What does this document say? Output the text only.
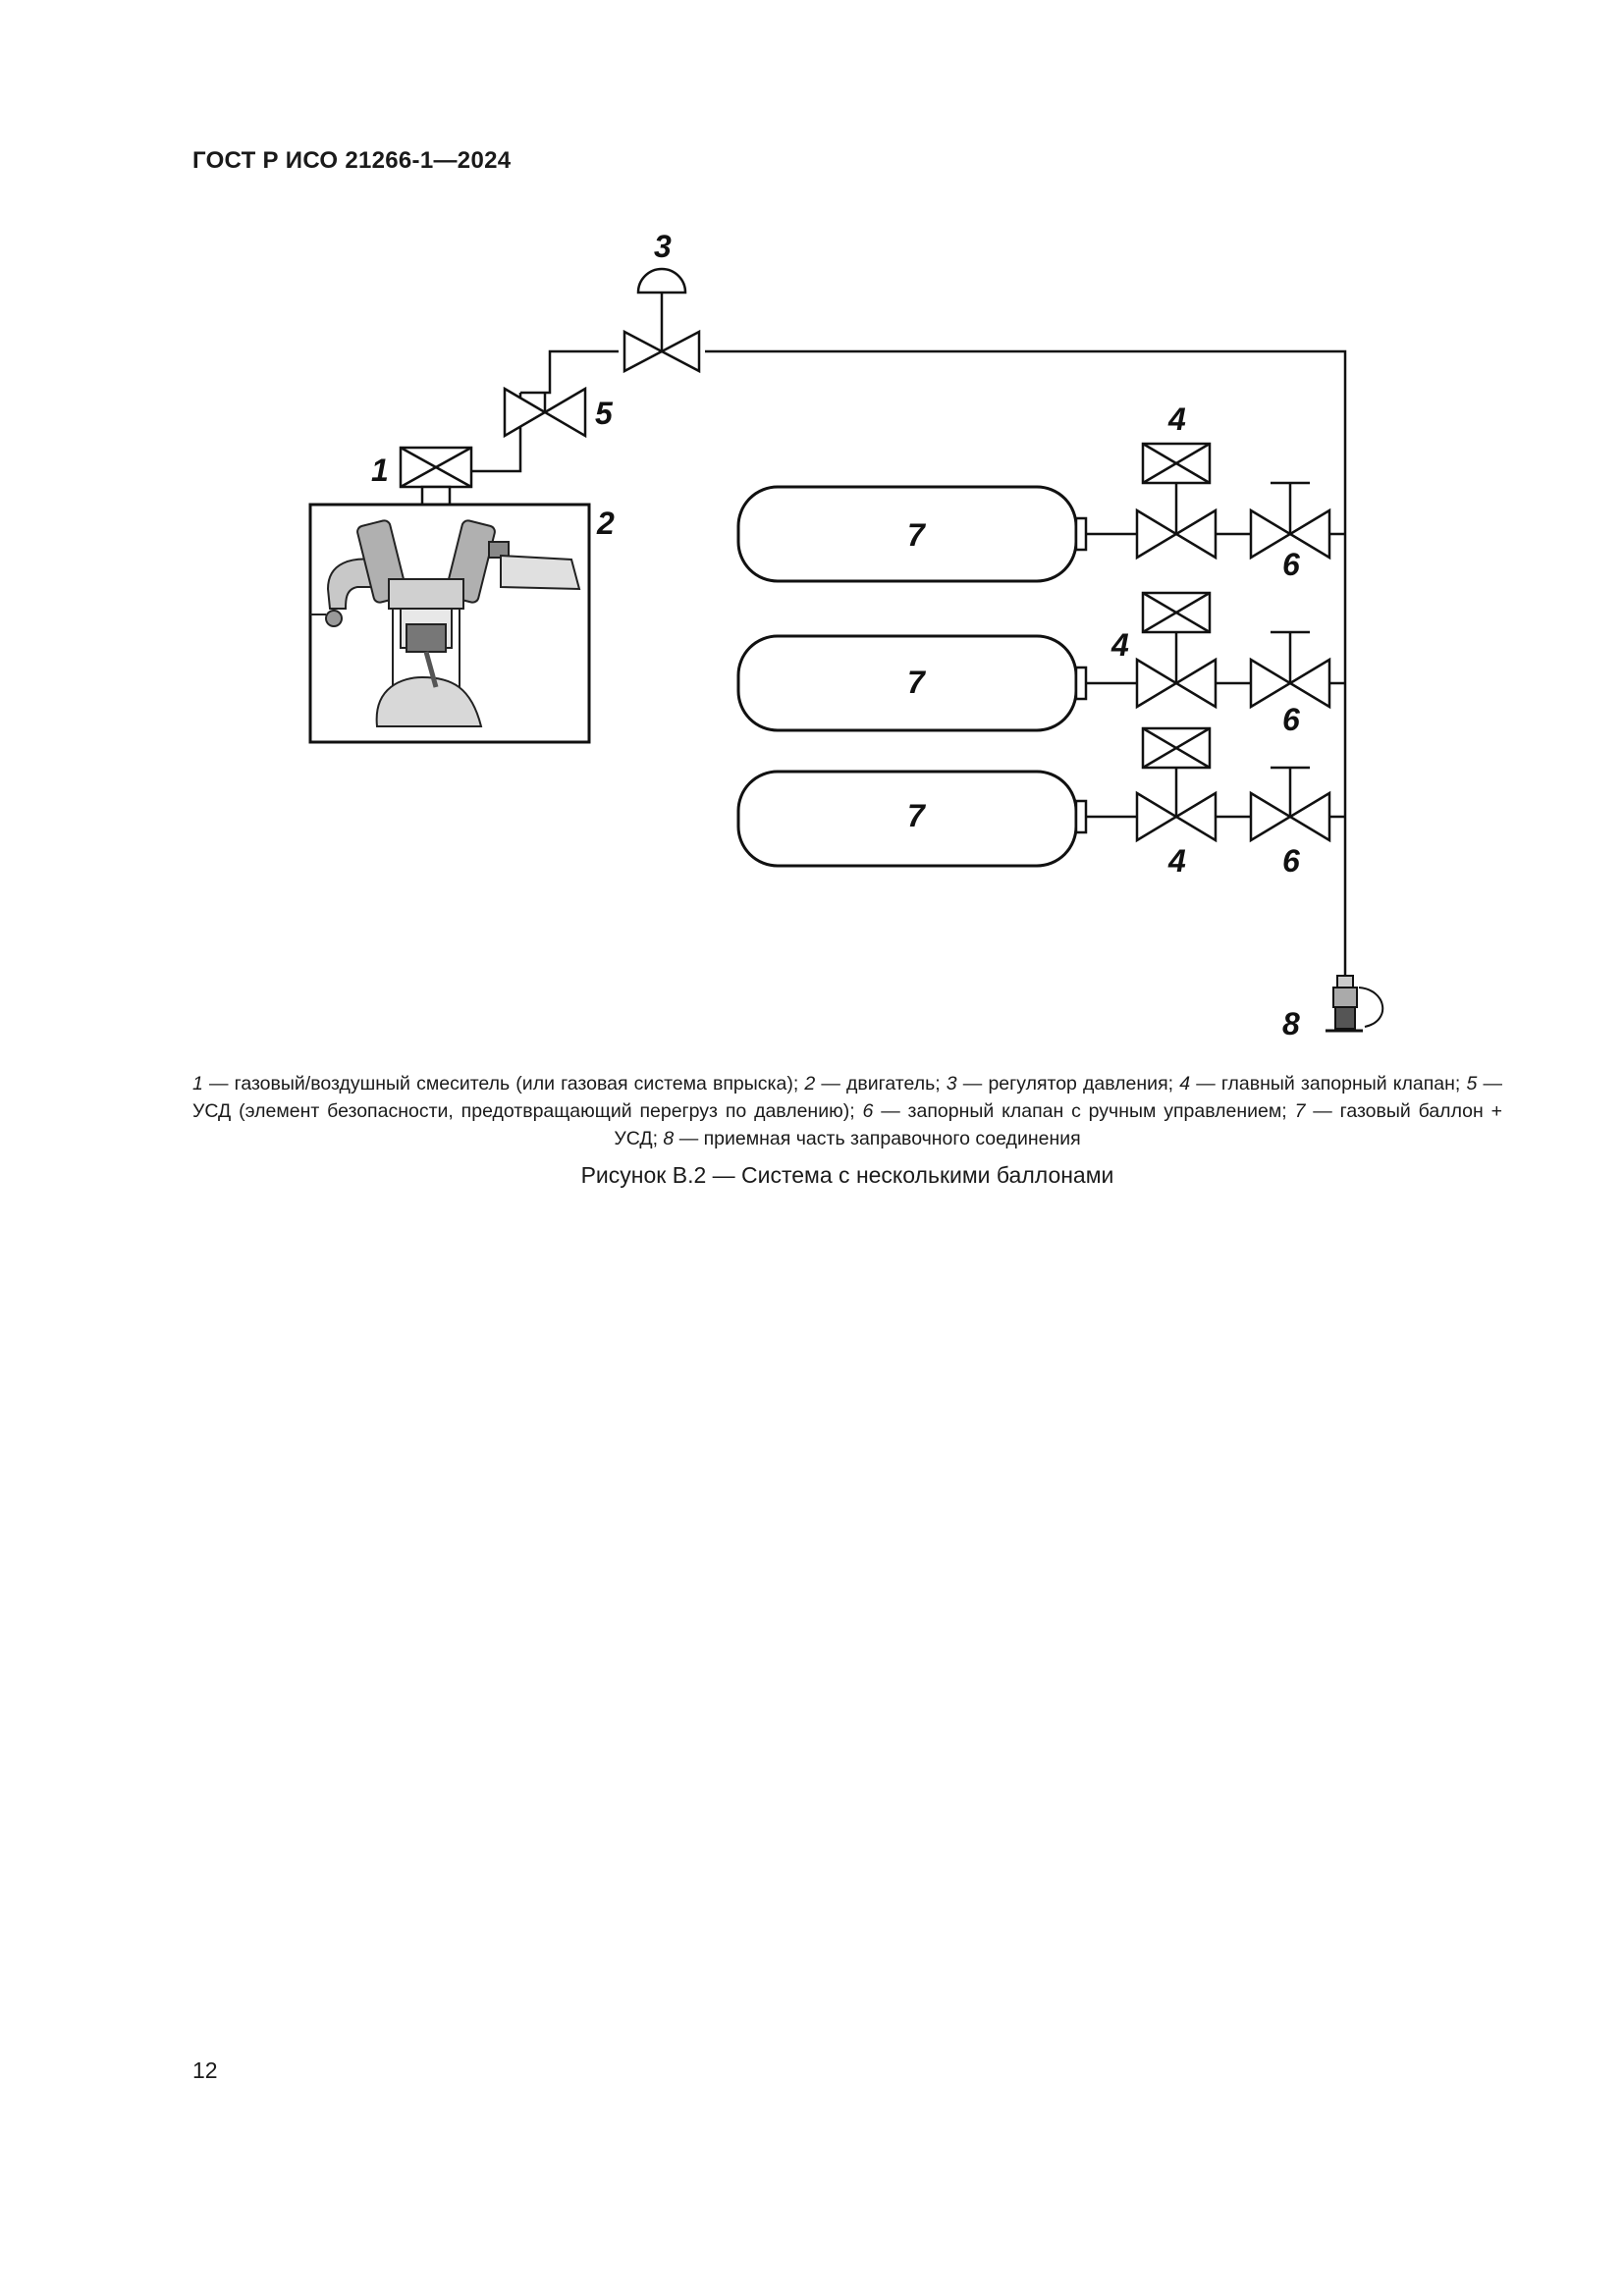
ГОСТ Р ИСО 21266-1—2024
3
5
1
2	7
4
6
7
4
6
7
4	6
8
1 — газовый/воздушный смеситель (или газовая система впрыска); 2 — двигатель; 3 — регулятор давления; 4 — главный запорный клапан; 5 — УСД (элемент безопасности, предотвращающий перегруз по давлению); 6 — запорный клапан с ручным управлением; 7 — газовый баллон + УСД; 8 — приемная часть заправочного соединения
Рисунок В.2 — Система с несколькими баллонами
12
